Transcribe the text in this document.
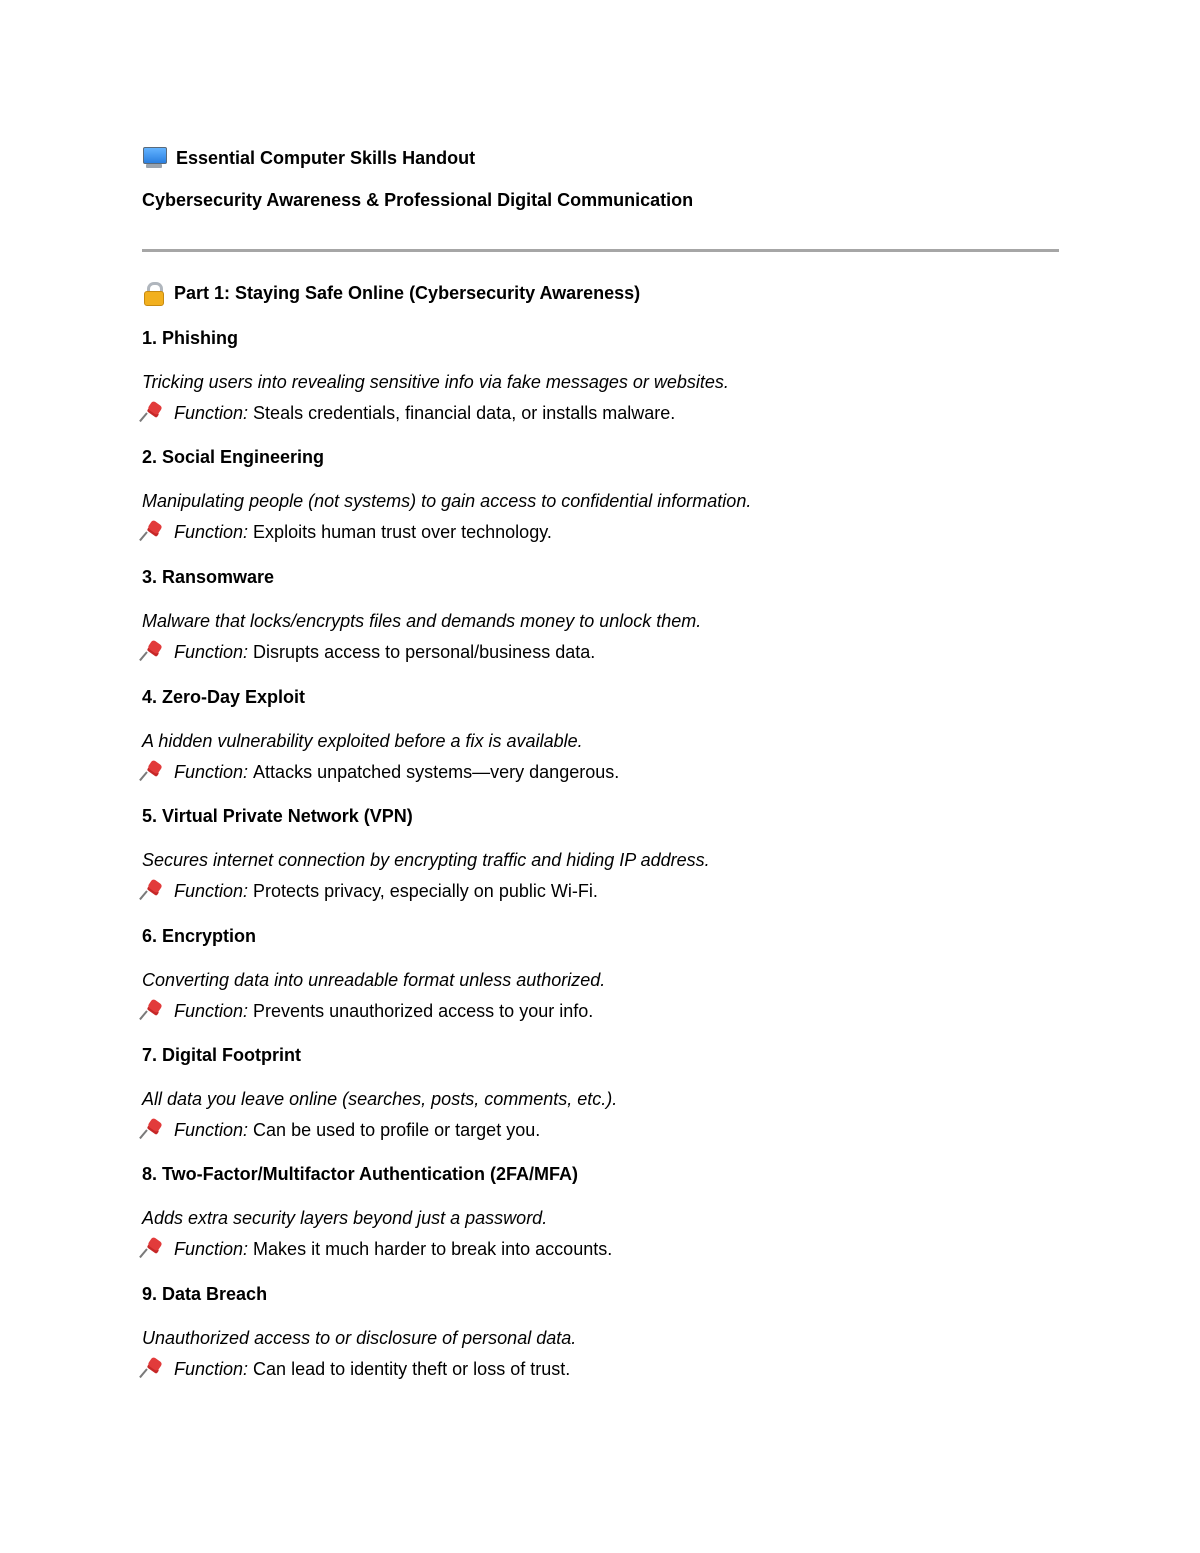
Essential Computer Skills Handout
Cybersecurity Awareness & Professional Digital Communication
Part 1: Staying Safe Online (Cybersecurity Awareness)
1. Phishing
Tricking users into revealing sensitive info via fake messages or websites.
Function: Steals credentials, financial data, or installs malware.
2. Social Engineering
Manipulating people (not systems) to gain access to confidential information.
Function: Exploits human trust over technology.
3. Ransomware
Malware that locks/encrypts files and demands money to unlock them.
Function: Disrupts access to personal/business data.
4. Zero-Day Exploit
A hidden vulnerability exploited before a fix is available.
Function: Attacks unpatched systems—very dangerous.
5. Virtual Private Network (VPN)
Secures internet connection by encrypting traffic and hiding IP address.
Function: Protects privacy, especially on public Wi-Fi.
6. Encryption
Converting data into unreadable format unless authorized.
Function: Prevents unauthorized access to your info.
7. Digital Footprint
All data you leave online (searches, posts, comments, etc.).
Function: Can be used to profile or target you.
8. Two-Factor/Multifactor Authentication (2FA/MFA)
Adds extra security layers beyond just a password.
Function: Makes it much harder to break into accounts.
9. Data Breach
Unauthorized access to or disclosure of personal data.
Function: Can lead to identity theft or loss of trust.
